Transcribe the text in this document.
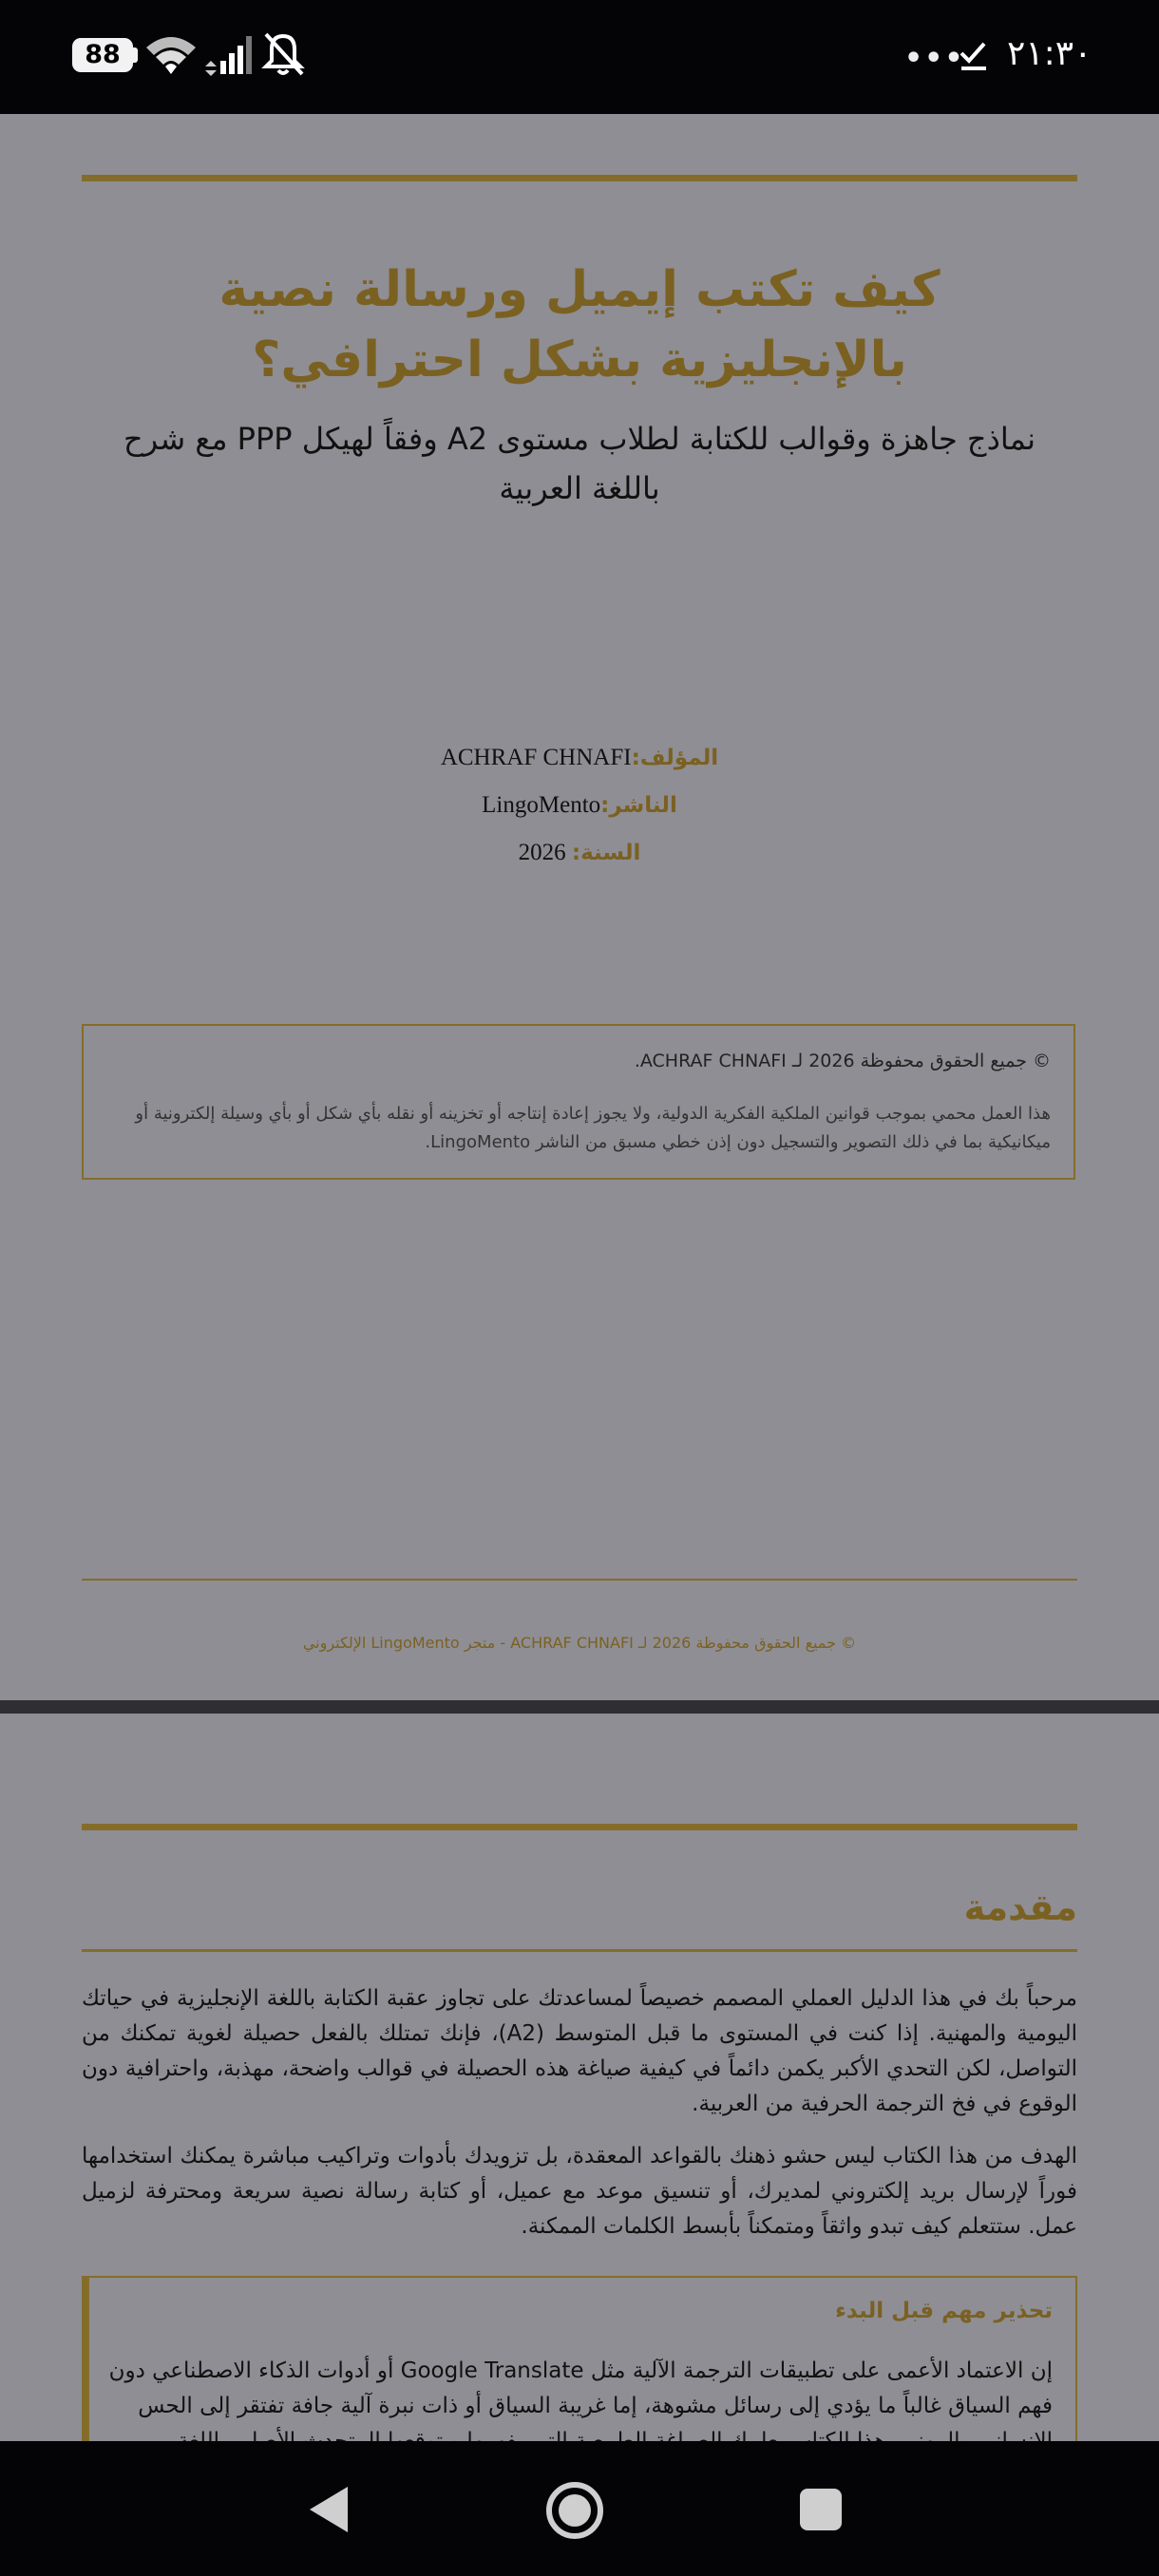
88	••• ٢١:٣٠
كيف تكتب إيميل ورسالة نصية
بالإنجليزية بشكل احترافي؟
نماذج جاهزة وقوالب للكتابة لطلاب مستوى A2 وفقاً لهيكل PPP مع شرح
باللغة العربية
المؤلف:ACHRAF CHNAFI
الناشر:LingoMento
السنة: 2026
© جميع الحقوق محفوظة 2026 لـ ACHRAF CHNAFI.
هذا العمل محمي بموجب قوانين الملكية الفكرية الدولية، ولا يجوز إعادة إنتاجه أو تخزينه أو نقله بأي شكل أو بأي وسيلة إلكترونية أو ميكانيكية بما في ذلك التصوير والتسجيل دون إذن خطي مسبق من الناشر LingoMento.
© جميع الحقوق محفوظة 2026 لـ ACHRAF CHNAFI - متجر LingoMento الإلكتروني
مقدمة
مرحباً بك في هذا الدليل العملي المصمم خصيصاً لمساعدتك على تجاوز عقبة الكتابة باللغة الإنجليزية في حياتك اليومية والمهنية. إذا كنت في المستوى ما قبل المتوسط (A2)، فإنك تمتلك بالفعل حصيلة لغوية تمكنك من التواصل، لكن التحدي الأكبر يكمن دائماً في كيفية صياغة هذه الحصيلة في قوالب واضحة، مهذبة، واحترافية دون الوقوع في فخ الترجمة الحرفية من العربية.
الهدف من هذا الكتاب ليس حشو ذهنك بالقواعد المعقدة، بل تزويدك بأدوات وتراكيب مباشرة يمكنك استخدامها فوراً لإرسال بريد إلكتروني لمديرك، أو تنسيق موعد مع عميل، أو كتابة رسالة نصية سريعة ومحترفة لزميل عمل. ستتعلم كيف تبدو واثقاً ومتمكناً بأبسط الكلمات الممكنة.
تحذير مهم قبل البدء
إن الاعتماد الأعمى على تطبيقات الترجمة الآلية مثل Google Translate أو أدوات الذكاء الاصطناعي دون فهم السياق غالباً ما يؤدي إلى رسائل مشوهة، إما غريبة السياق أو ذات نبرة آلية جافة تفتقر إلى الحس
